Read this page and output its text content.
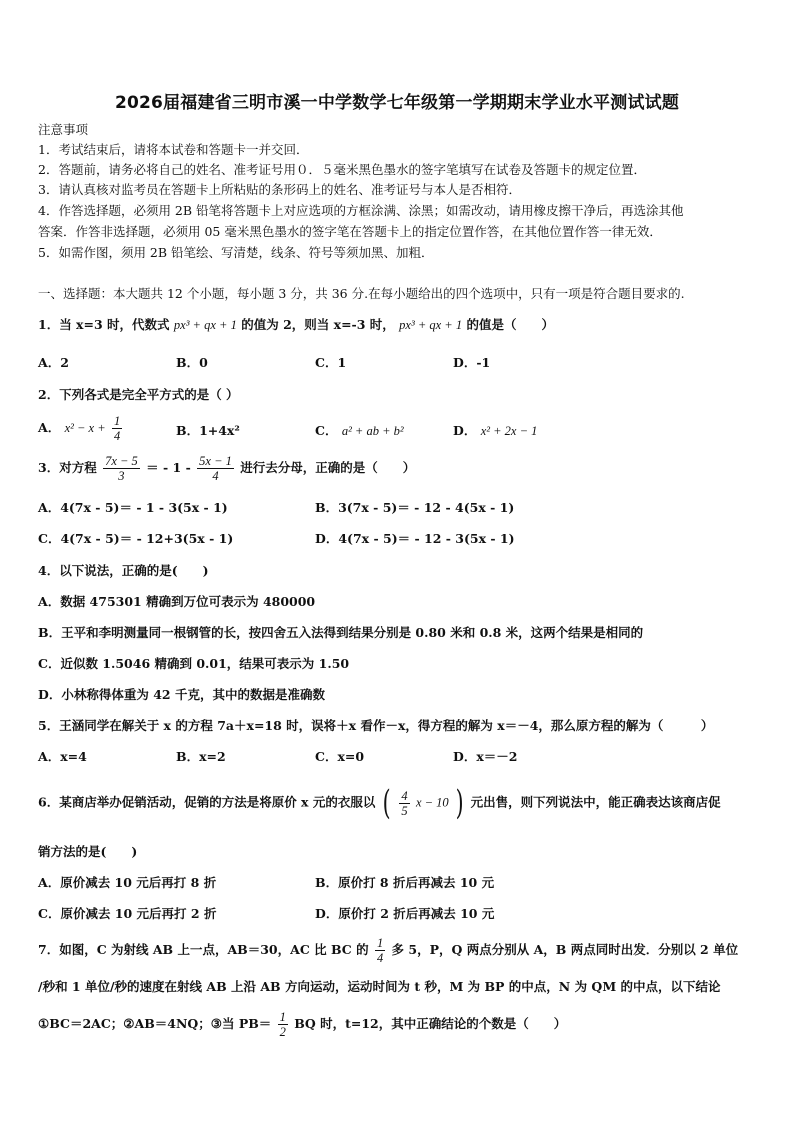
2026届福建省三明市溪一中学数学七年级第一学期期末学业水平测试试题
注意事项
1．考试结束后，请将本试卷和答题卡一并交回．
2．答题前，请务必将自己的姓名、准考证号用０．５毫米黑色墨水的签字笔填写在试卷及答题卡的规定位置．
3．请认真核对监考员在答题卡上所粘贴的条形码上的姓名、准考证号与本人是否相符．
4．作答选择题，必须用 2B 铅笔将答题卡上对应选项的方框涂满、涂黑；如需改动，请用橡皮擦干净后，再选涂其他
答案．作答非选择题，必须用 05 毫米黑色墨水的签字笔在答题卡上的指定位置作答，在其他位置作答一律无效．
5．如需作图，须用 2B 铅笔绘、写清楚，线条、符号等须加黑、加粗．
一、选择题：本大题共 12 个小题，每小题 3 分，共 36 分.在每小题给出的四个选项中，只有一项是符合题目要求的.
1．当 x=3 时，代数式 px³ + qx + 1 的值为 2，则当 x=-3 时， px³ + qx + 1 的值是（　　）
A．2	B．0	C．1	D．-1
2．下列各式是完全平方式的是（ ）
A． $x^2 - x + \frac{1}{4}$	B．1+4x²	C． a² + ab + b²	D． x² + 2x − 1
3．对方程 $\frac{7x - 5}{3}$ ＝ - $1 - \frac{5x - 1}{4}$ 进行去分母，正确的是（　　）
A．4(7x - 5)＝ - 1 - 3(5x - 1)	B．3(7x - 5)＝ - 12 - 4(5x - 1)
C．4(7x - 5)＝ - 12+3(5x - 1)	D．4(7x - 5)＝ - 12 - 3(5x - 1)
4．以下说法，正确的是(　　)
A．数据 475301 精确到万位可表示为 480000
B．王平和李明测量同一根钢管的长，按四舍五入法得到结果分别是 0.80 米和 0.8 米，这两个结果是相同的
C．近似数 1.5046 精确到 0.01，结果可表示为 1.50
D．小林称得体重为 42 千克，其中的数据是准确数
5．王涵同学在解关于 x 的方程 7a＋x=18 时，误将＋x 看作－x，得方程的解为 x＝－4，那么原方程的解为（　　　）
A．x=4	B．x=2	C．x=0	D．x＝－2
6．某商店举办促销活动，促销的方法是将原价 x 元的衣服以 ( $\frac{4}{5}$ x − 10 ) 元出售，则下列说法中，能正确表达该商店促
销方法的是(　　)
A．原价减去 10 元后再打 8 折	B．原价打 8 折后再减去 10 元
C．原价减去 10 元后再打 2 折	D．原价打 2 折后再减去 10 元
7．如图，C 为射线 AB 上一点，AB＝30，AC 比 BC 的 $\frac{1}{4}$ 多 5，P，Q 两点分别从 A，B 两点同时出发．分别以 2 单位
/秒和 1 单位/秒的速度在射线 AB 上沿 AB 方向运动，运动时间为 t 秒，M 为 BP 的中点，N 为 QM 的中点，以下结论
①BC＝2AC；②AB＝4NQ；③当 $PB= \frac{1}{2}$ BQ 时，t=12，其中正确结论的个数是（　　）
